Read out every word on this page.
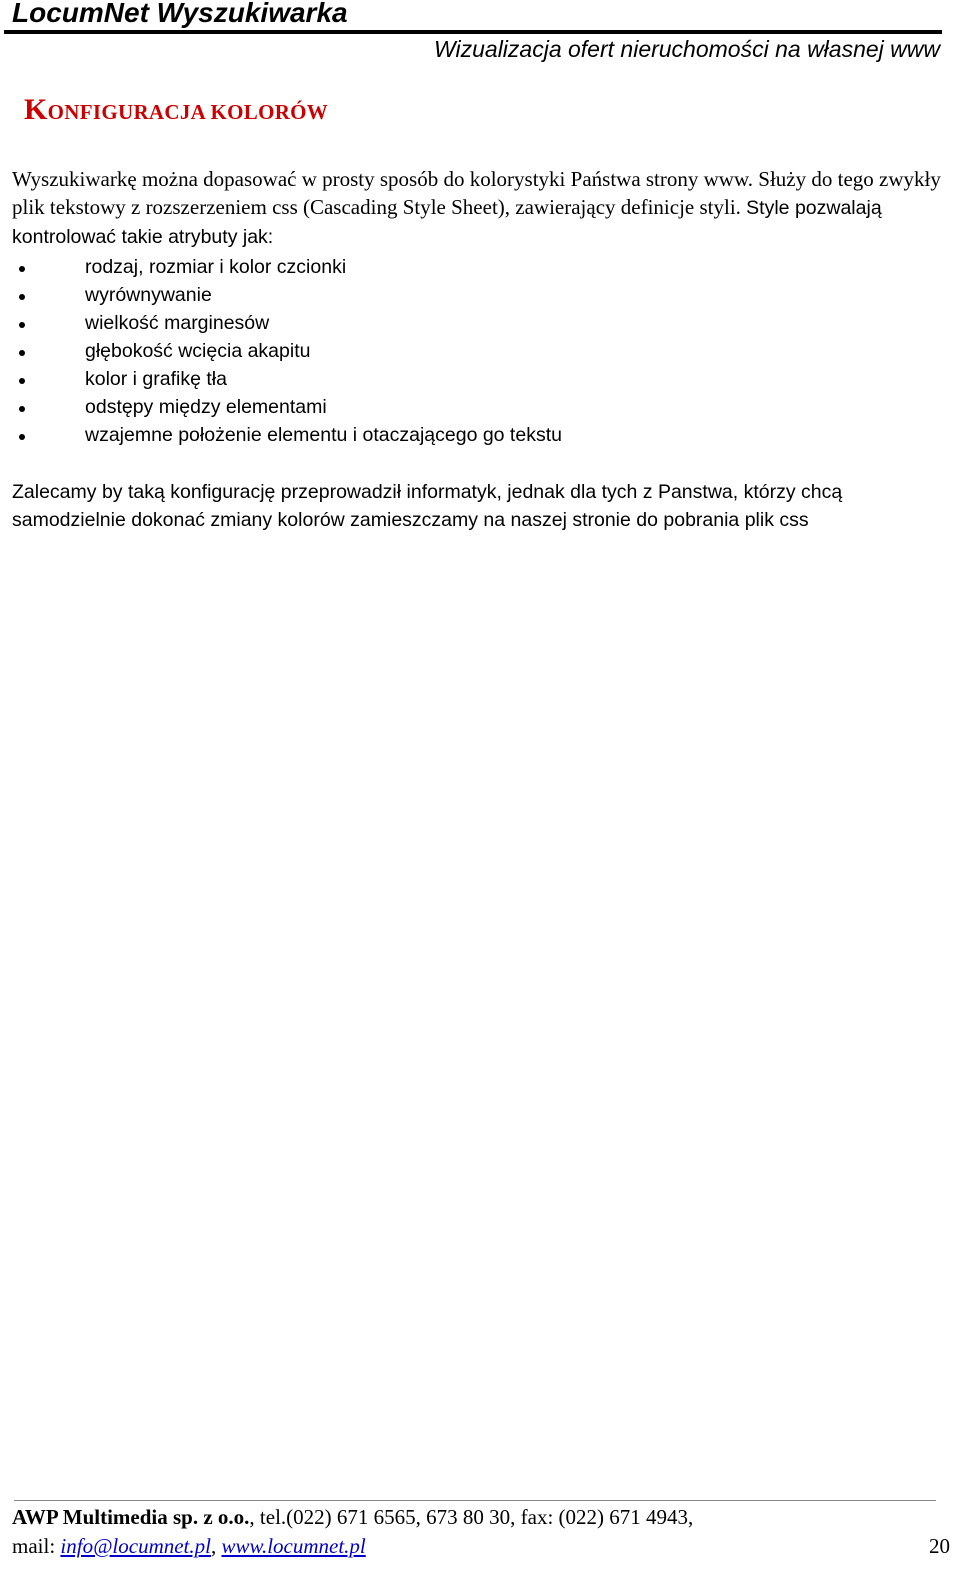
LocumNet Wyszukiwarka
Wizualizacja ofert nieruchomości na własnej www
KONFIGURACJA KOLORÓW

Wyszukiwarkę można dopasować w prosty sposób do kolorystyki Państwa strony www. Służy do tego zwykły plik tekstowy z rozszerzeniem css (Cascading Style Sheet), zawierający definicje styli. Style pozwalają kontrolować takie atrybuty jak:

rodzaj, rozmiar i kolor czcionki
wyrównywanie
wielkość marginesów
głębokość wcięcia akapitu
kolor i grafikę tła
odstępy między elementami
wzajemne położenie elementu i otaczającego go tekstu

Zalecamy by taką konfigurację przeprowadził informatyk, jednak dla tych z Panstwa, którzy chcą samodzielnie dokonać zmiany kolorów zamieszczamy na naszej stronie do pobrania plik css

AWP Multimedia sp. z o.o., tel.(022) 671 6565, 673 80 30, fax: (022) 671 4943,
mail: info@locumnet.pl, www.locumnet.pl	20
